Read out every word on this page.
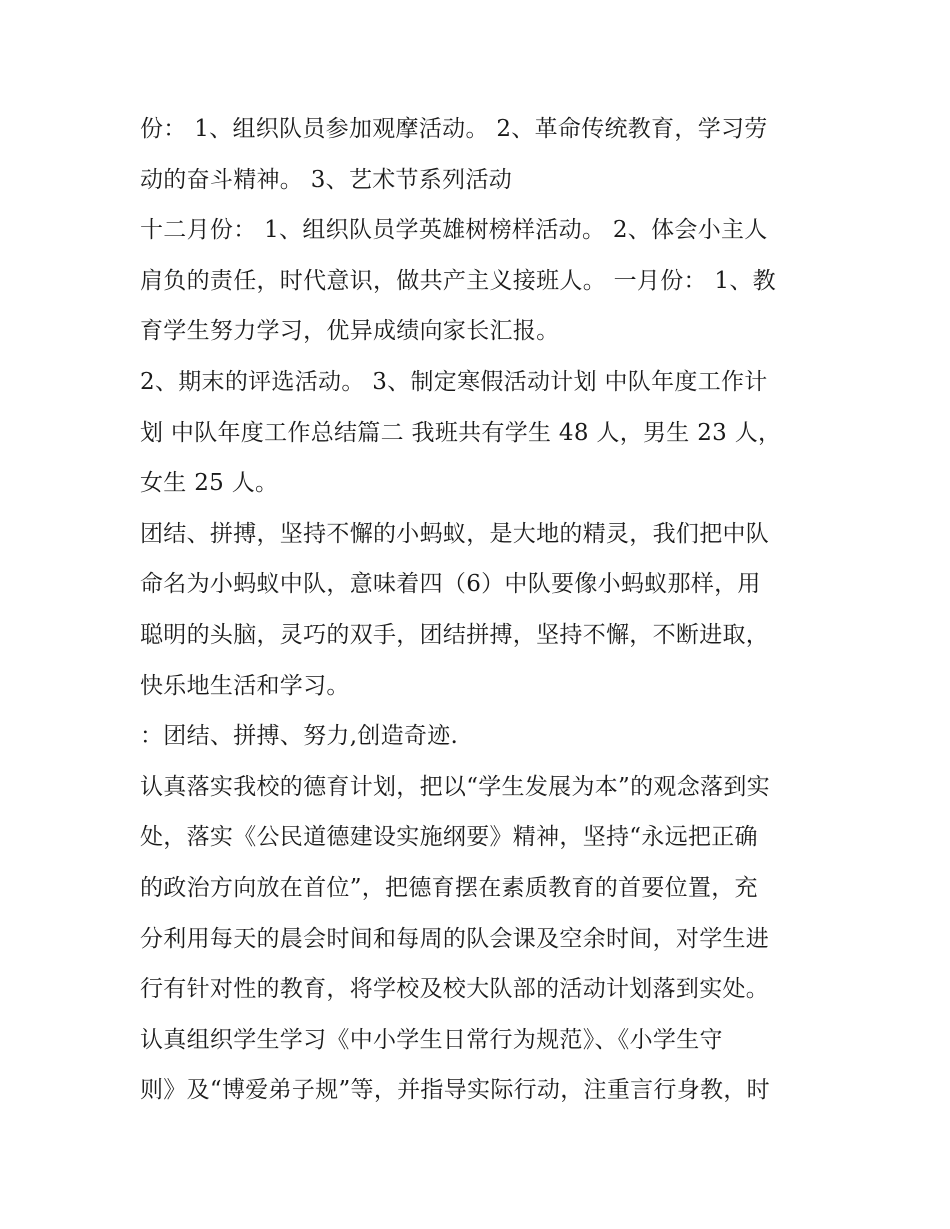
份： 1、组织队员参加观摩活动。 2、革命传统教育，学习劳
动的奋斗精神。 3、艺术节系列活动
十二月份： 1、组织队员学英雄树榜样活动。 2、体会小主人
肩负的责任，时代意识，做共产主义接班人。 一月份： 1、教
育学生努力学习，优异成绩向家长汇报。
2、期末的评选活动。 3、制定寒假活动计划 中队年度工作计
划 中队年度工作总结篇二 我班共有学生 48 人，男生 23 人，
女生 25 人。
团结、拼搏，坚持不懈的小蚂蚁，是大地的精灵，我们把中队
命名为小蚂蚁中队，意味着四（6）中队要像小蚂蚁那样，用
聪明的头脑，灵巧的双手，团结拼搏，坚持不懈，不断进取，
快乐地生活和学习。
：团结、拼搏、努力,创造奇迹.
认真落实我校的德育计划，把以“学生发展为本”的观念落到实
处，落实《公民道德建设实施纲要》精神，坚持“永远把正确
的政治方向放在首位”，把德育摆在素质教育的首要位置，充
分利用每天的晨会时间和每周的队会课及空余时间，对学生进
行有针对性的教育，将学校及校大队部的活动计划落到实处。
认真组织学生学习《中小学生日常行为规范》、《小学生守
则》及“博爱弟子规”等，并指导实际行动，注重言行身教，时
